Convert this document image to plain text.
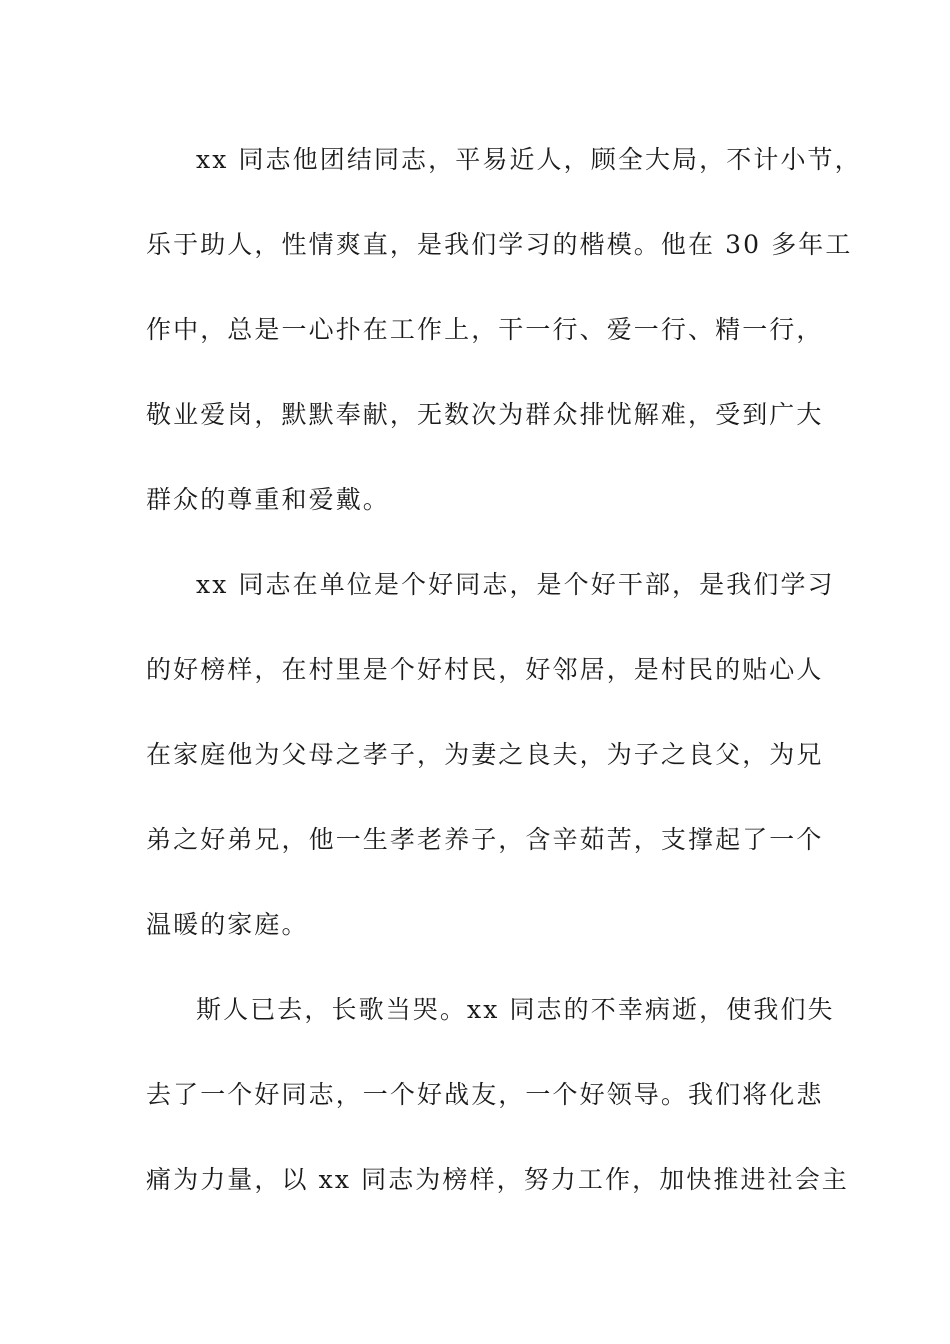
xx 同志他团结同志，平易近人，顾全大局，不计小节，
乐于助人，性情爽直，是我们学习的楷模。他在 30 多年工
作中，总是一心扑在工作上，干一行、爱一行、精一行，
敬业爱岗，默默奉献，无数次为群众排忧解难，受到广大
群众的尊重和爱戴。
xx 同志在单位是个好同志，是个好干部，是我们学习
的好榜样，在村里是个好村民，好邻居，是村民的贴心人
在家庭他为父母之孝子，为妻之良夫，为子之良父，为兄
弟之好弟兄，他一生孝老养子，含辛茹苦，支撑起了一个
温暖的家庭。
斯人已去，长歌当哭。xx 同志的不幸病逝，使我们失
去了一个好同志，一个好战友，一个好领导。我们将化悲
痛为力量，以 xx 同志为榜样，努力工作，加快推进社会主
